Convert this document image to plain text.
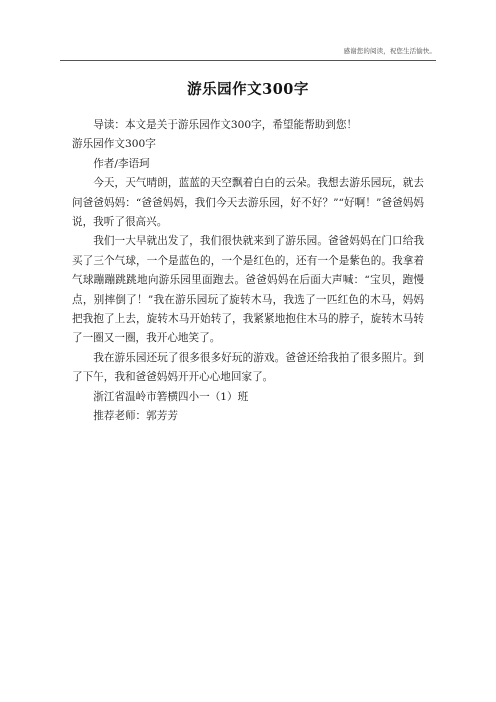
感谢您的阅读，祝您生活愉快。
游乐园作文300字

导读：本文是关于游乐园作文300字，希望能帮助到您！

游乐园作文300字

作者/李语珂

今天，天气晴朗，蓝蓝的天空飘着白白的云朵。我想去游乐园玩，就去问爸爸妈妈：“爸爸妈妈，我们今天去游乐园，好不好？”“好啊！”爸爸妈妈说，我听了很高兴。

我们一大早就出发了，我们很快就来到了游乐园。爸爸妈妈在门口给我买了三个气球，一个是蓝色的，一个是红色的，还有一个是紫色的。我拿着气球蹦蹦跳跳地向游乐园里面跑去。爸爸妈妈在后面大声喊：“宝贝，跑慢点，别摔倒了！”我在游乐园玩了旋转木马，我选了一匹红色的木马，妈妈把我抱了上去，旋转木马开始转了，我紧紧地抱住木马的脖子，旋转木马转了一圈又一圈，我开心地笑了。

我在游乐园还玩了很多很多好玩的游戏。爸爸还给我拍了很多照片。到了下午，我和爸爸妈妈开开心心地回家了。

浙江省温岭市箬横四小一（1）班

推荐老师：郭芳芳
